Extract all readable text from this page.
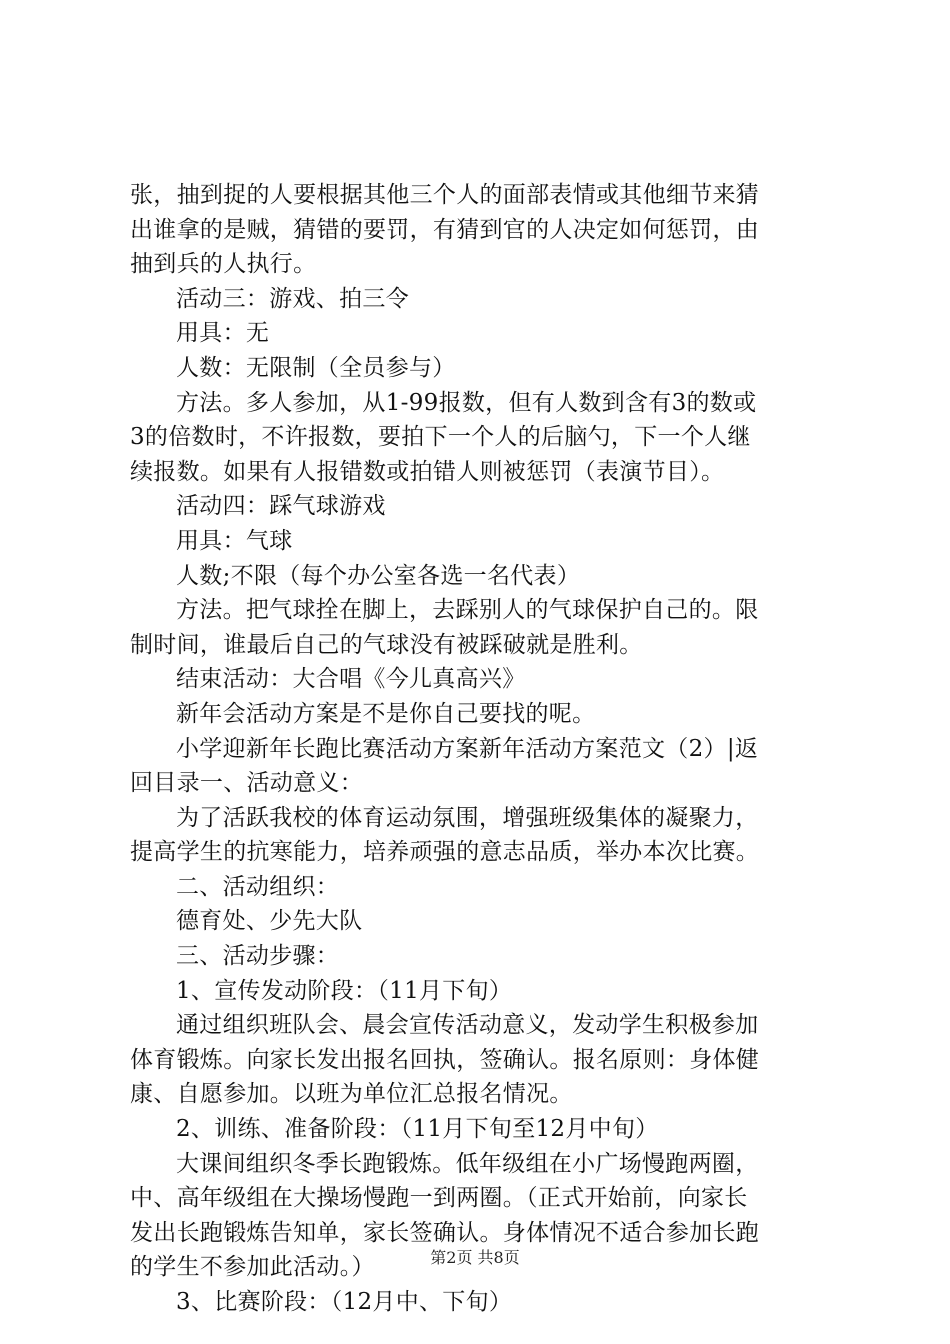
张，抽到捉的人要根据其他三个人的面部表情或其他细节来猜
出谁拿的是贼，猜错的要罚，有猜到官的人决定如何惩罚，由
抽到兵的人执行。
活动三：游戏、拍三令
用具：无
人数：无限制（全员参与）
方法。多人参加，从1-99报数，但有人数到含有3的数或
3的倍数时，不许报数，要拍下一个人的后脑勺，下一个人继
续报数。如果有人报错数或拍错人则被惩罚（表演节目）。
活动四：踩气球游戏
用具：气球
人数;不限（每个办公室各选一名代表）
方法。把气球拴在脚上，去踩别人的气球保护自己的。限
制时间，谁最后自己的气球没有被踩破就是胜利。
结束活动：大合唱《今儿真高兴》
新年会活动方案是不是你自己要找的呢。
小学迎新年长跑比赛活动方案新年活动方案范文（2）|返
回目录一、活动意义：
为了活跃我校的体育运动氛围，增强班级集体的凝聚力，
提高学生的抗寒能力，培养顽强的意志品质，举办本次比赛。
二、活动组织：
德育处、少先大队
三、活动步骤：
1、宣传发动阶段：（11月下旬）
通过组织班队会、晨会宣传活动意义，发动学生积极参加
体育锻炼。向家长发出报名回执，签确认。报名原则：身体健
康、自愿参加。以班为单位汇总报名情况。
2、训练、准备阶段：（11月下旬至12月中旬）
大课间组织冬季长跑锻炼。低年级组在小广场慢跑两圈，
中、高年级组在大操场慢跑一到两圈。（正式开始前，向家长
发出长跑锻炼告知单，家长签确认。身体情况不适合参加长跑
的学生不参加此活动。）
3、比赛阶段：（12月中、下旬）
第2页 共8页
